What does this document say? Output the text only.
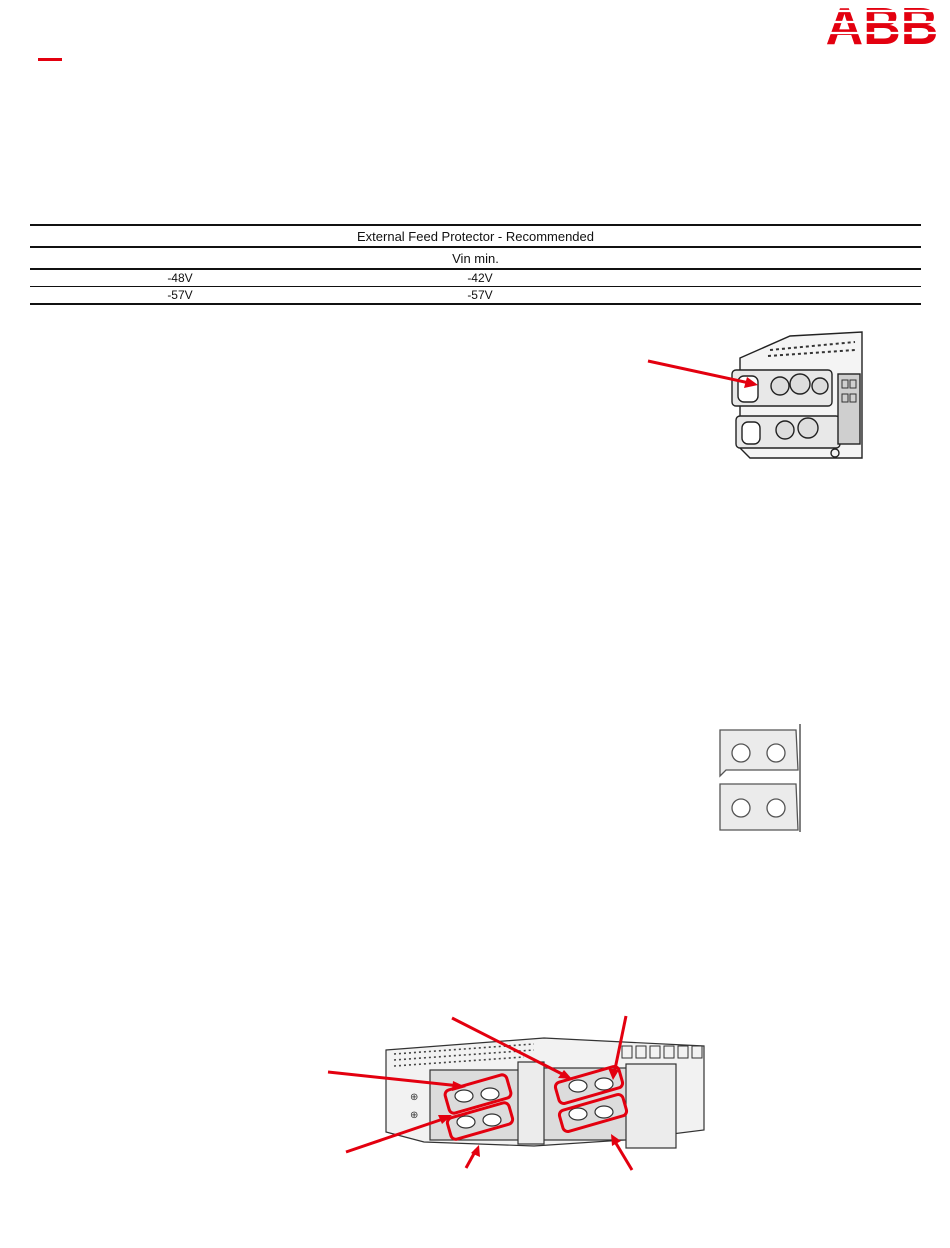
ABB
External Feed Protector - Recommended		
Vin min.		
-48V	-42V	
-57V	-57V	
⊕
⊕
